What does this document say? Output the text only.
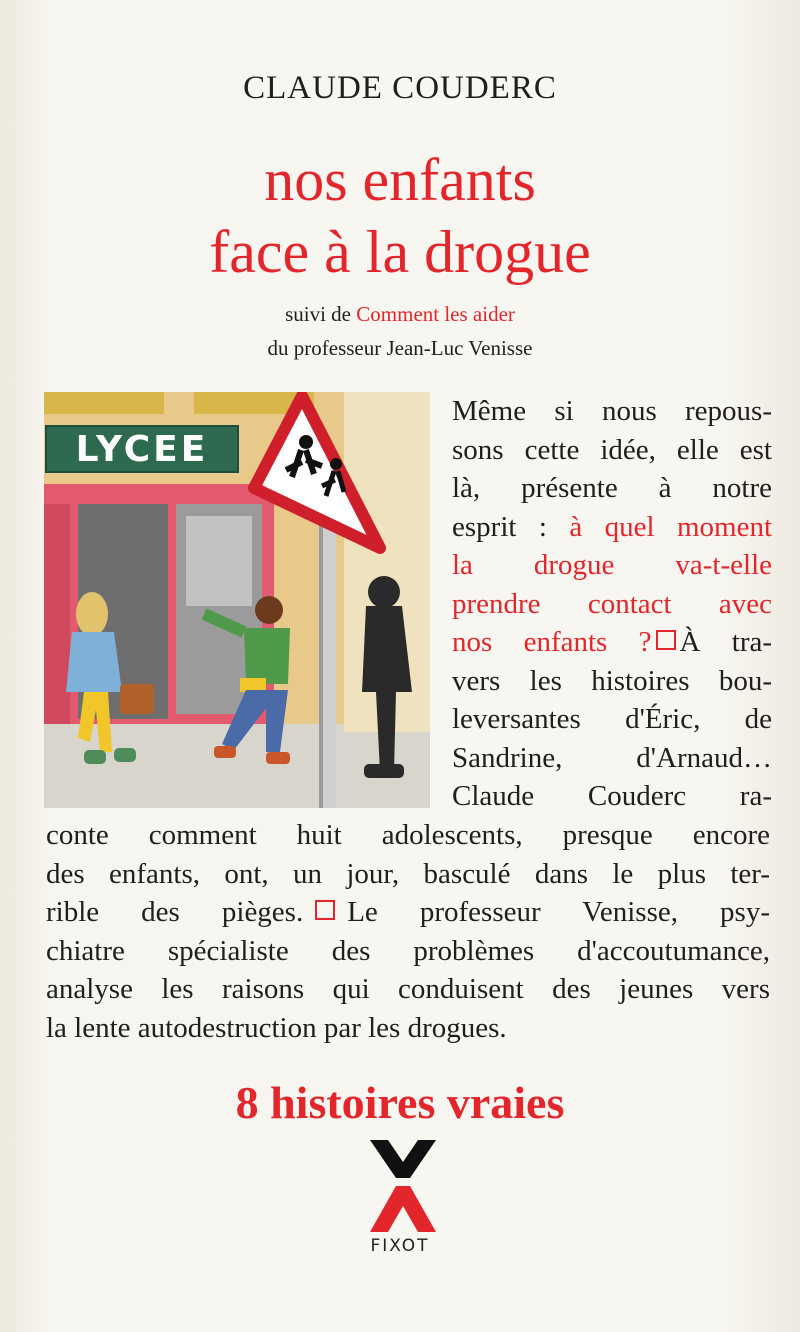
CLAUDE COUDERC
nos enfants
face à la drogue
suivi de Comment les aider
du professeur Jean-Luc Venisse
LYCEE
Même si nous repous-
sons cette idée, elle est
là, présente à notre
esprit : à quel moment
la drogue va-t-elle
prendre contact avec
nos enfants ? À tra-
vers les histoires bou-
leversantes d'Éric, de
Sandrine, d'Arnaud…
Claude Couderc ra-
conte comment huit adolescents, presque encore
des enfants, ont, un jour, basculé dans le plus ter-
rible des pièges. Le professeur Venisse, psy-
chiatre spécialiste des problèmes d'accoutumance,
analyse les raisons qui conduisent des jeunes vers
la lente autodestruction par les drogues.
8 histoires vraies
FIXOT
